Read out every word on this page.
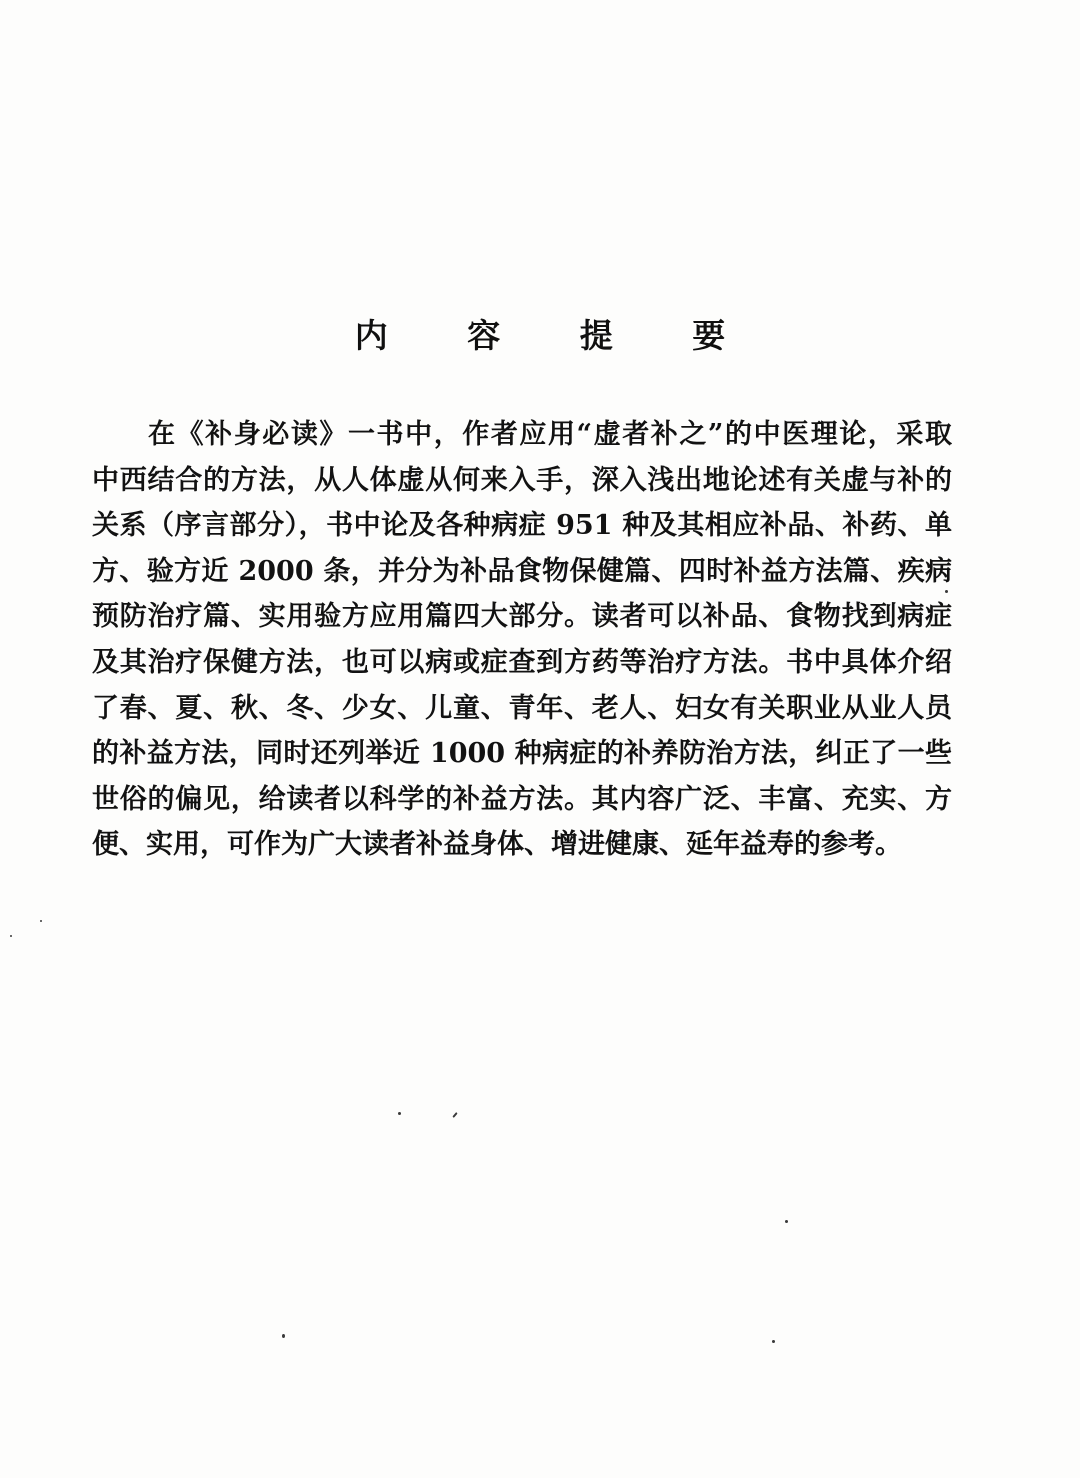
内 容 提 要
在《补身必读》一书中，作者应用“虚者补之”的中医理论，采取
中西结合的方法，从人体虚从何来入手，深入浅出地论述有关虚与补的
关系（序言部分），书中论及各种病症 951 种及其相应补品、补药、单
方、验方近 2000 条，并分为补品食物保健篇、四时补益方法篇、疾病
预防治疗篇、实用验方应用篇四大部分。读者可以补品、食物找到病症
及其治疗保健方法，也可以病或症查到方药等治疗方法。书中具体介绍
了春、夏、秋、冬、少女、儿童、青年、老人、妇女有关职业从业人员
的补益方法，同时还列举近 1000 种病症的补养防治方法，纠正了一些
世俗的偏见，给读者以科学的补益方法。其内容广泛、丰富、充实、方
便、实用，可作为广大读者补益身体、增进健康、延年益寿的参考。
